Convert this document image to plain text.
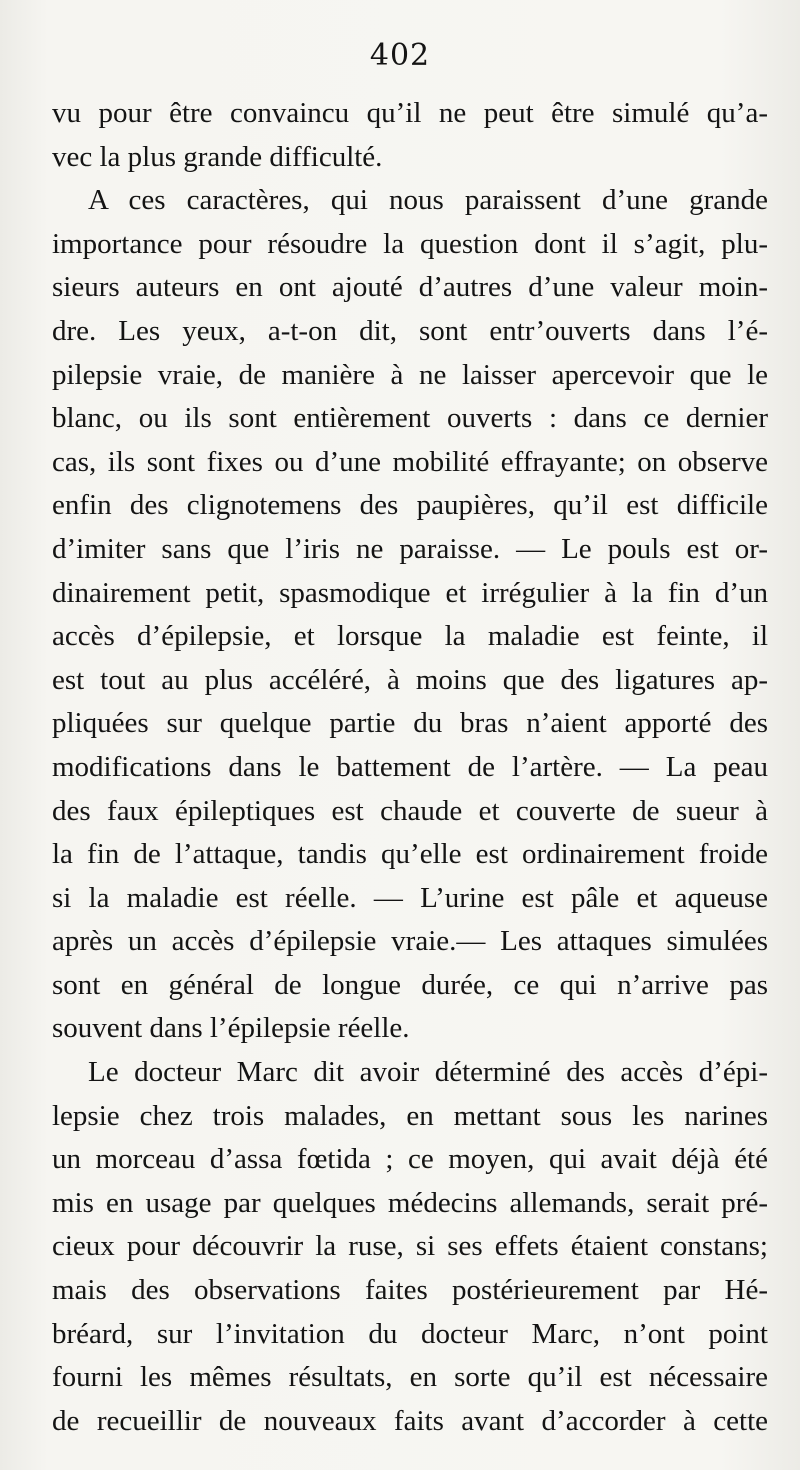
402
vu pour être convaincu qu’il ne peut être simulé qu’a-
vec la plus grande difficulté.
A ces caractères, qui nous paraissent d’une grande
importance pour résoudre la question dont il s’agit, plu-
sieurs auteurs en ont ajouté d’autres d’une valeur moin-
dre. Les yeux, a-t-on dit, sont entr’ouverts dans l’é-
pilepsie vraie, de manière à ne laisser apercevoir que le
blanc, ou ils sont entièrement ouverts : dans ce dernier
cas, ils sont fixes ou d’une mobilité effrayante; on observe
enfin des clignotemens des paupières, qu’il est difficile
d’imiter sans que l’iris ne paraisse. — Le pouls est or-
dinairement petit, spasmodique et irrégulier à la fin d’un
accès d’épilepsie, et lorsque la maladie est feinte, il
est tout au plus accéléré, à moins que des ligatures ap-
pliquées sur quelque partie du bras n’aient apporté des
modifications dans le battement de l’artère. — La peau
des faux épileptiques est chaude et couverte de sueur à
la fin de l’attaque, tandis qu’elle est ordinairement froide
si la maladie est réelle. — L’urine est pâle et aqueuse
après un accès d’épilepsie vraie.— Les attaques simulées
sont en général de longue durée, ce qui n’arrive pas
souvent dans l’épilepsie réelle.
Le docteur Marc dit avoir déterminé des accès d’épi-
lepsie chez trois malades, en mettant sous les narines
un morceau d’assa fœtida ; ce moyen, qui avait déjà été
mis en usage par quelques médecins allemands, serait pré-
cieux pour découvrir la ruse, si ses effets étaient constans;
mais des observations faites postérieurement par Hé-
bréard, sur l’invitation du docteur Marc, n’ont point
fourni les mêmes résultats, en sorte qu’il est nécessaire
de recueillir de nouveaux faits avant d’accorder à cette
